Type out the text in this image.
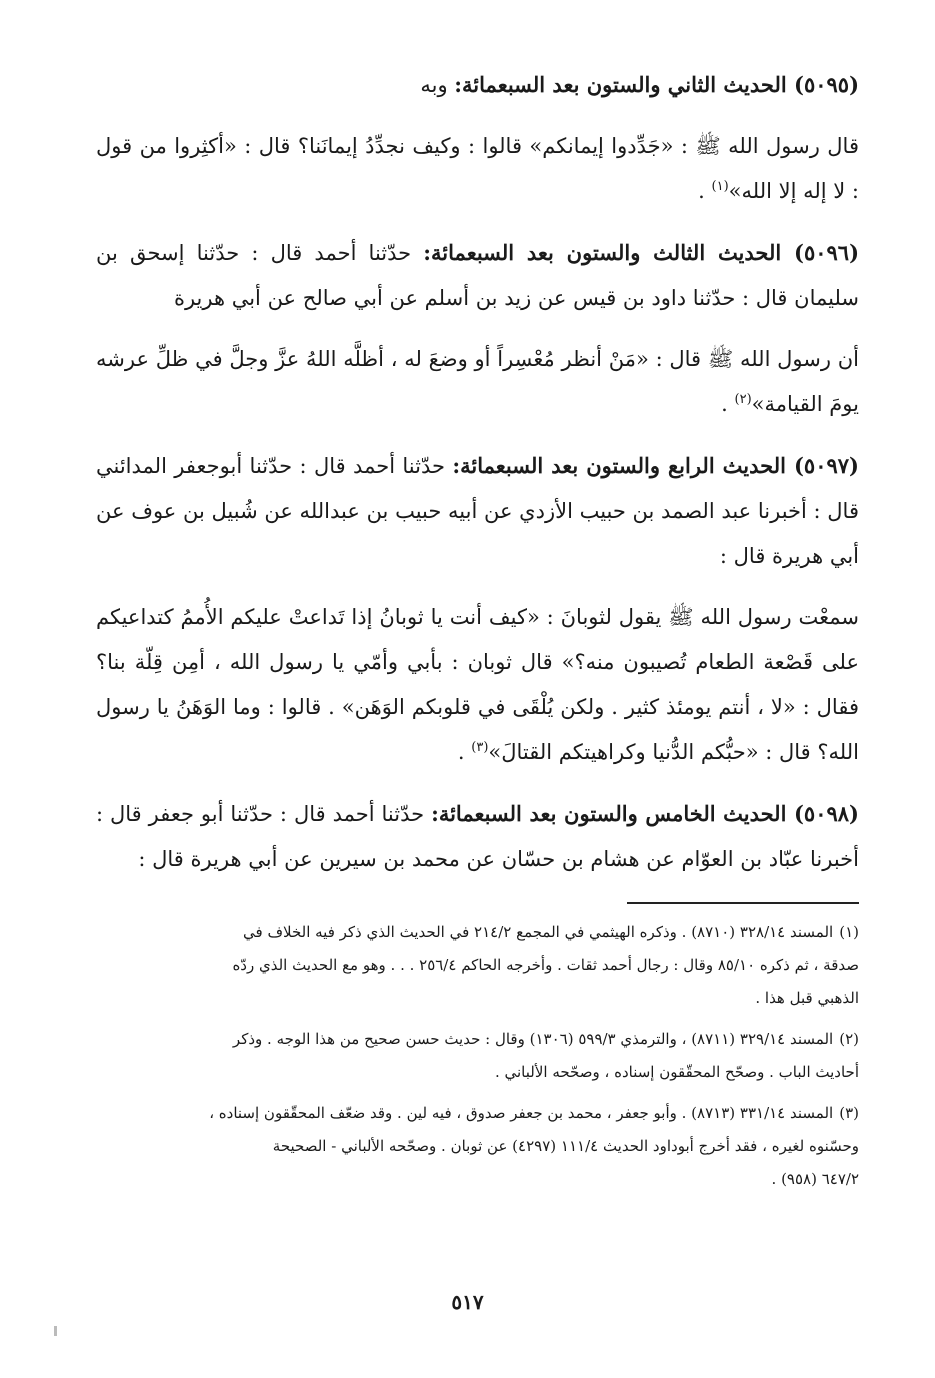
(٥٠٩٥) الحديث الثاني والستون بعد السبعمائة: وبه

قال رسول الله ﷺ : «جَدِّدوا إيمانكم» قالوا : وكيف نجدِّدُ إيمانَنا؟ قال : «أكثِروا من قول : لا إله إلا الله»$^{(١)}$ .

(٥٠٩٦) الحديث الثالث والستون بعد السبعمائة: حدّثنا أحمد قال : حدّثنا إسحق بن سليمان قال : حدّثنا داود بن قيس عن زيد بن أسلم عن أبي صالح عن أبي هريرة

أن رسول الله ﷺ قال : «مَنْ أنظر مُعْسِراً أو وضعَ له ، أظلَّه اللهُ عزَّ وجلَّ في ظلِّ عرشه يومَ القيامة»$^{(٢)}$ .

(٥٠٩٧) الحديث الرابع والستون بعد السبعمائة: حدّثنا أحمد قال : حدّثنا أبوجعفر المدائني قال : أخبرنا عبد الصمد بن حبيب الأزدي عن أبيه حبيب بن عبدالله عن شُبيل بن عوف عن أبي هريرة قال :

سمعْت رسول الله ﷺ يقول لثوبانَ : «كيف أنت يا ثوبانُ إذا تَداعتْ عليكم الأُممُ كتداعيكم على قَصْعة الطعام تُصيبون منه؟» قال ثوبان : بأبي وأمّي يا رسول الله ، أمِن قِلّة بنا؟ فقال : «لا ، أنتم يومئذ كثير . ولكن يُلْقَى في قلوبكم الوَهَن» . قالوا : وما الوَهَنُ يا رسول الله؟ قال : «حبُّكم الدُّنيا وكراهيتكم القتالَ»$^{(٣)}$ .

(٥٠٩٨) الحديث الخامس والستون بعد السبعمائة: حدّثنا أحمد قال : حدّثنا أبو جعفر قال : أخبرنا عبّاد بن العوّام عن هشام بن حسّان عن محمد بن سيرين عن أبي هريرة قال :

(١)المسند ٣٢٨/١٤ (٨٧١٠) . وذكره الهيثمي في المجمع ٢١٤/٢ في الحديث الذي ذكر فيه الخلاف في
صدقة ، ثم ذكره ٨٥/١٠ وقال : رجال أحمد ثقات . وأخرجه الحاكم ٢٥٦/٤ . . . وهو مع الحديث الذي ردّه
الذهبي قبل هذا .
(٢)المسند ٣٢٩/١٤ (٨٧١١) ، والترمذي ٥٩٩/٣ (١٣٠٦) وقال : حديث حسن صحيح من هذا الوجه . وذكر
أحاديث الباب . وصحّح المحقّقون إسناده ، وصحّحه الألباني .
(٣)المسند ٣٣١/١٤ (٨٧١٣) . وأبو جعفر ، محمد بن جعفر صدوق ، فيه لين . وقد ضعّف المحقّقون إسناده ،
وحسّنوه لغيره ، فقد أخرج أبوداود الحديث ١١١/٤ (٤٢٩٧) عن ثوبان . وصحّحه الألباني - الصحيحة
٦٤٧/٢ (٩٥٨) .
٥١٧
